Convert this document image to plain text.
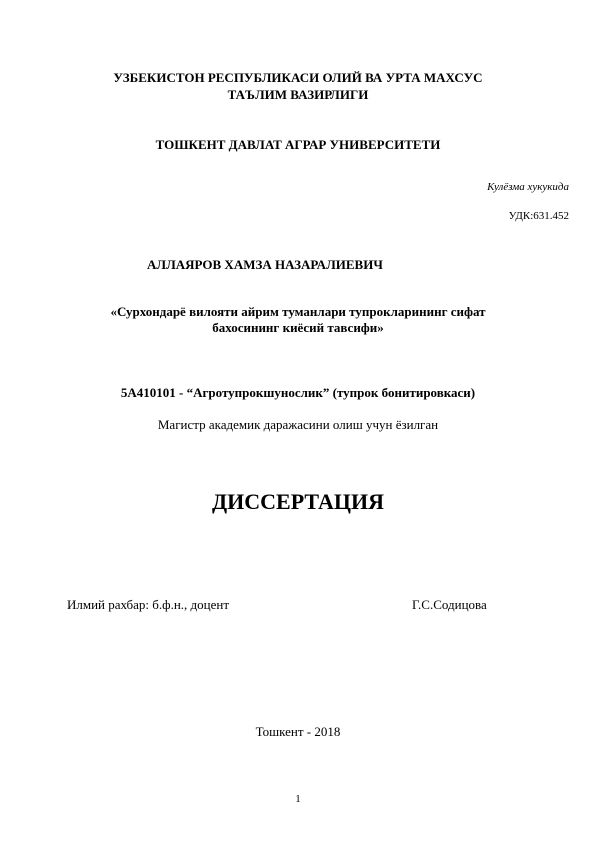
УЗБЕКИСТОН РЕСПУБЛИКАСИ ОЛИЙ ВА УРТА МАХСУС
ТАЪЛИМ ВАЗИРЛИГИ
ТОШКЕНТ ДАВЛАТ АГРАР УНИВЕРСИТЕТИ
Кулёзма хукукида
УДК:631.452
АЛЛАЯРОВ ХАМЗА НАЗАРАЛИЕВИЧ
«Сурхондарё вилояти айрим туманлари тупрокларининг сифат
бахосининг киёсий тавсифи»
5А410101 - “Агротупрокшунослик” (тупрок бонитировкаси)
Магистр академик даражасини олиш учун ёзилган
ДИССЕРТАЦИЯ
Илмий рахбар: б.ф.н., доцент	Г.С.Содицова
Тошкент - 2018
1
